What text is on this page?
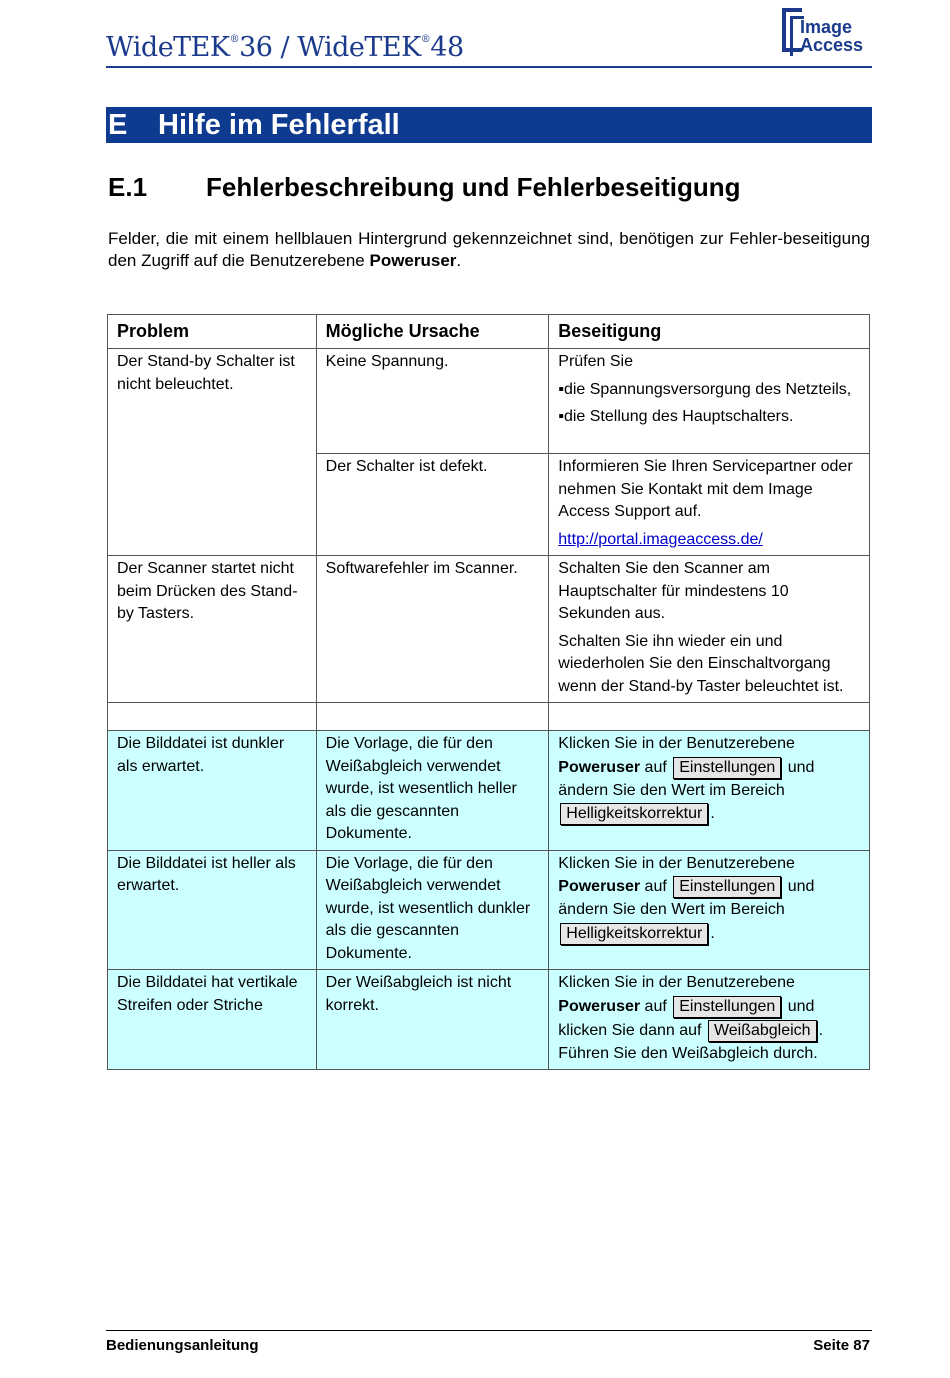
WideTEK®36 / WideTEK®48
Image
Access
E Hilfe im Fehlerfall
E.1 Fehlerbeschreibung und Fehlerbeseitigung
Felder, die mit einem hellblauen Hintergrund gekennzeichnet sind, benötigen zur Fehler-beseitigung den Zugriff auf die Benutzerebene Poweruser.
Problem	Mögliche Ursache	Beseitigung
Der Stand-by Schalter ist nicht beleuchtet.	Keine Spannung.	Prüfen Sie
▪die Spannungsversorgung des Netzteils,
▪die Stellung des Hauptschalters.

	Der Schalter ist defekt.	Informieren Sie Ihren Servicepartner oder nehmen Sie Kontakt mit dem Image Access Support auf.
http://portal.imageaccess.de/

Der Scanner startet nicht beim Drücken des Stand-by Tasters.	Softwarefehler im Scanner.	Schalten Sie den Scanner am Hauptschalter für mindestens 10 Sekunden aus.
Schalten Sie ihn wieder ein und wiederholen Sie den Einschaltvorgang wenn der Stand-by Taster beleuchtet ist.

Die Bilddatei ist dunkler als erwartet.	Die Vorlage, die für den Weißabgleich verwendet wurde, ist wesentlich heller als die gescannten Dokumente.	Klicken Sie in der Benutzerebene Poweruser auf Einstellungen und ändern Sie den Wert im Bereich Helligkeitskorrektur .
Die Bilddatei ist heller als erwartet.	Die Vorlage, die für den Weißabgleich verwendet wurde, ist wesentlich dunkler als die gescannten Dokumente.	Klicken Sie in der Benutzerebene Poweruser auf Einstellungen und ändern Sie den Wert im Bereich Helligkeitskorrektur .
Die Bilddatei hat vertikale Streifen oder Striche	Der Weißabgleich ist nicht korrekt.	Klicken Sie in der Benutzerebene Poweruser auf Einstellungen und klicken Sie dann auf Weißabgleich .
Führen Sie den Weißabgleich durch.
Bedienungsanleitung	Seite 87
